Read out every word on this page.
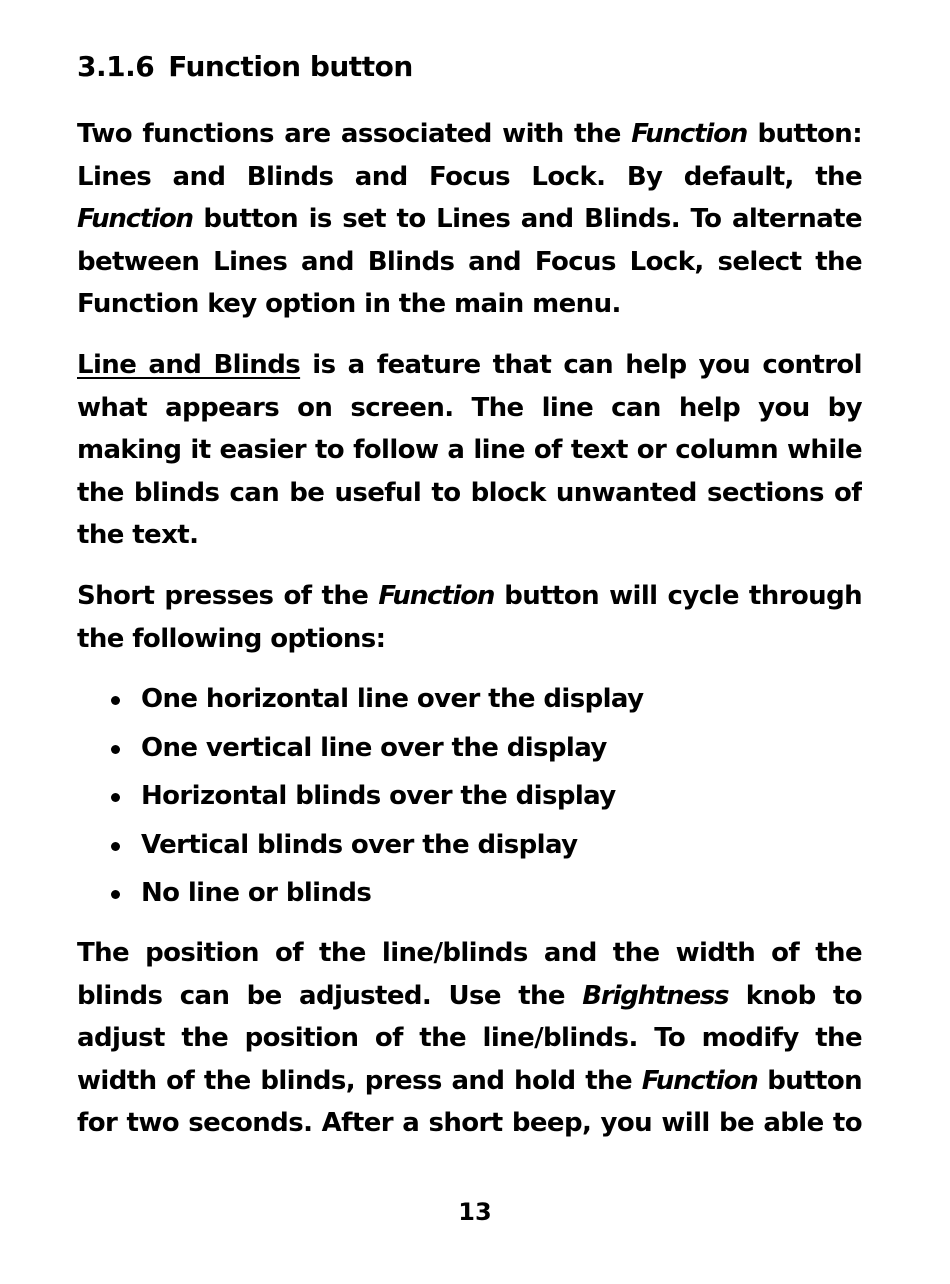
3.1.6 Function button
Two functions are associated with the Function button:
Lines and Blinds and Focus Lock. By default, the
Function button is set to Lines and Blinds. To alternate
between Lines and Blinds and Focus Lock, select the
Function key option in the main menu.
Line and Blinds is a feature that can help you control
what appears on screen. The line can help you by
making it easier to follow a line of text or column while
the blinds can be useful to block unwanted sections of
the text.
Short presses of the Function button will cycle through
the following options:
One horizontal line over the display
One vertical line over the display
Horizontal blinds over the display
Vertical blinds over the display
No line or blinds
The position of the line/blinds and the width of the
blinds can be adjusted. Use the Brightness knob to
adjust the position of the line/blinds. To modify the
width of the blinds, press and hold the Function button
for two seconds. After a short beep, you will be able to
13
